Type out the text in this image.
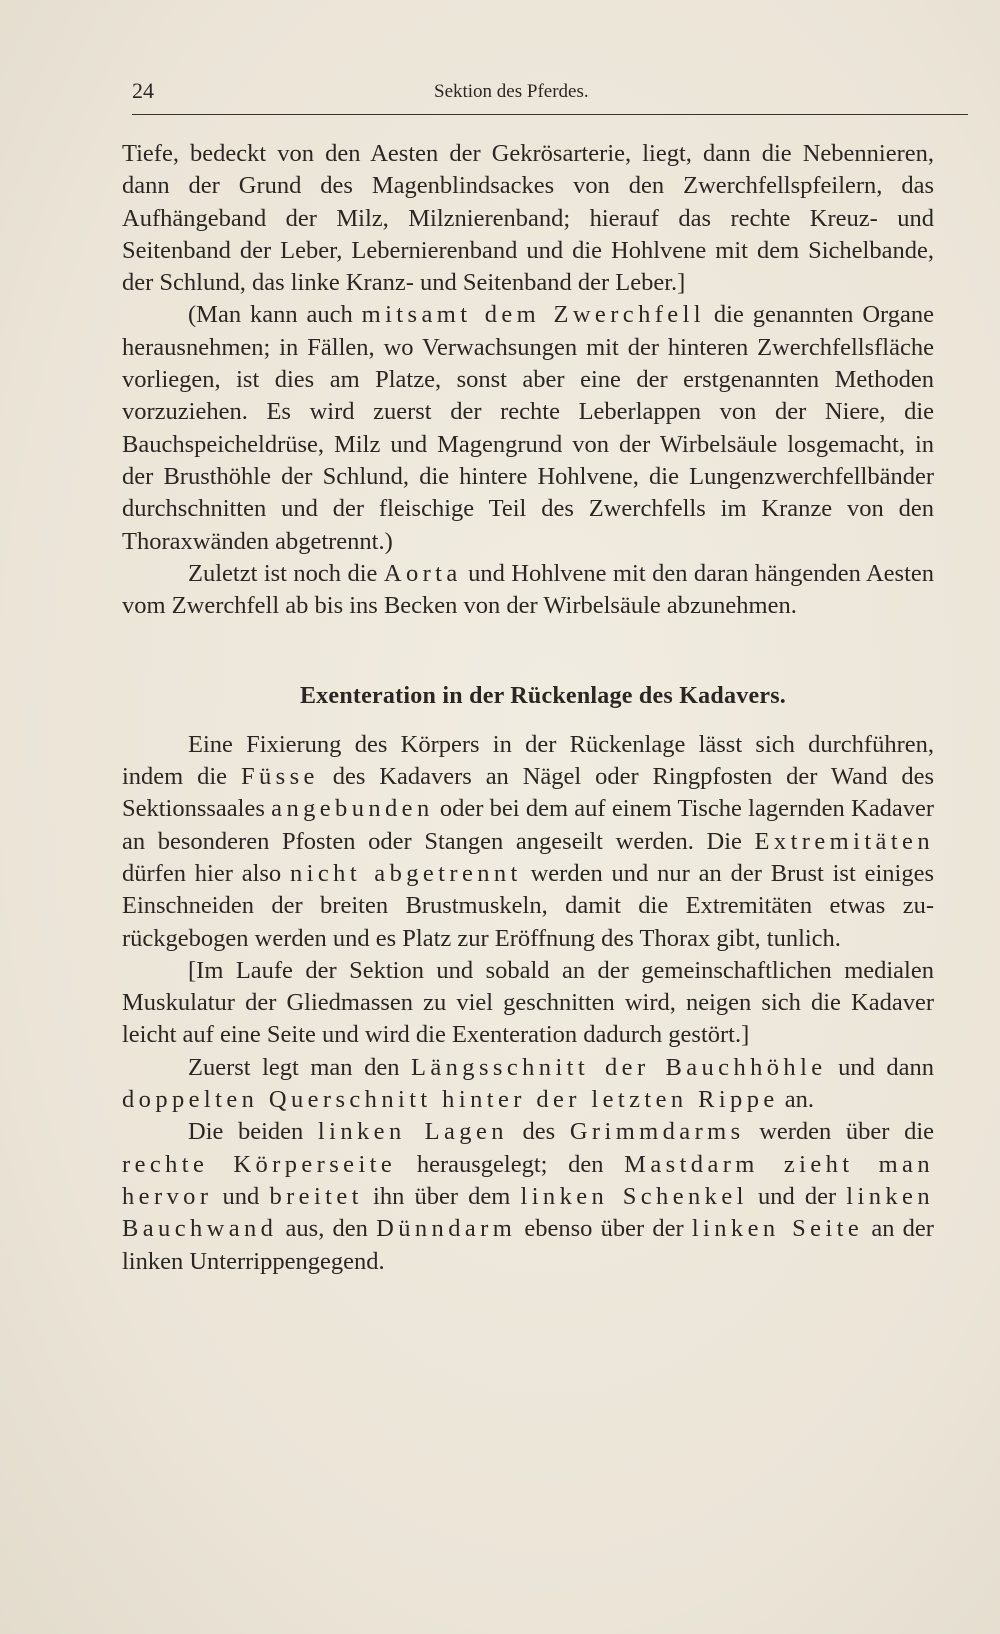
24	Sektion des Pferdes.

Tiefe, bedeckt von den Aesten der Gekrösarterie, liegt, dann die Nebennieren, dann der Grund des Magenblindsackes von den Zwerchfellspfeilern, das Aufhängeband der Milz, Milznierenband; hierauf das rechte Kreuz- und Seitenband der Leber, Lebernierenband und die Hohlvene mit dem Sichelbande, der Schlund, das linke Kranz- und Seitenband der Leber.]

(Man kann auch mitsamt dem Zwerchfell die genannten Organe herausnehmen; in Fällen, wo Verwachsungen mit der hinteren Zwerchfellsfläche vorliegen, ist dies am Platze, sonst aber eine der erstgenannten Methoden vorzuziehen. Es wird zuerst der rechte Leberlappen von der Niere, die Bauchspeicheldrüse, Milz und Magengrund von der Wirbelsäule losgemacht, in der Brusthöhle der Schlund, die hintere Hohlvene, die Lungenzwerchfellbänder durchschnitten und der fleischige Teil des Zwerchfells im Kranze von den Thoraxwänden abgetrennt.)

Zuletzt ist noch die Aorta und Hohlvene mit den daran hängenden Aesten vom Zwerchfell ab bis ins Becken von der Wirbelsäule abzunehmen.

Exenteration in der Rückenlage des Kadavers.

Eine Fixierung des Körpers in der Rückenlage lässt sich durchführen, indem die Füsse des Kadavers an Nägel oder Ringpfosten der Wand des Sektionssaales angebunden oder bei dem auf einem Tische lagernden Kadaver an besonderen Pfosten oder Stangen angeseilt werden. Die Extremitäten dürfen hier also nicht abgetrennt werden und nur an der Brust ist einiges Einschneiden der breiten Brustmuskeln, damit die Extremitäten etwas zurückgebogen werden und es Platz zur Eröffnung des Thorax gibt, tunlich.

[Im Laufe der Sektion und sobald an der gemeinschaftlichen medialen Muskulatur der Gliedmassen zu viel geschnitten wird, neigen sich die Kadaver leicht auf eine Seite und wird die Exenteration dadurch gestört.]

Zuerst legt man den Längsschnitt der Bauchhöhle und dann doppelten Querschnitt hinter der letzten Rippe an.

Die beiden linken Lagen des Grimmdarms werden über die rechte Körperseite herausgelegt; den Mastdarm zieht man hervor und breitet ihn über dem linken Schenkel und der linken Bauchwand aus, den Dünndarm ebenso über der linken Seite an der linken Unterrippengegend.
